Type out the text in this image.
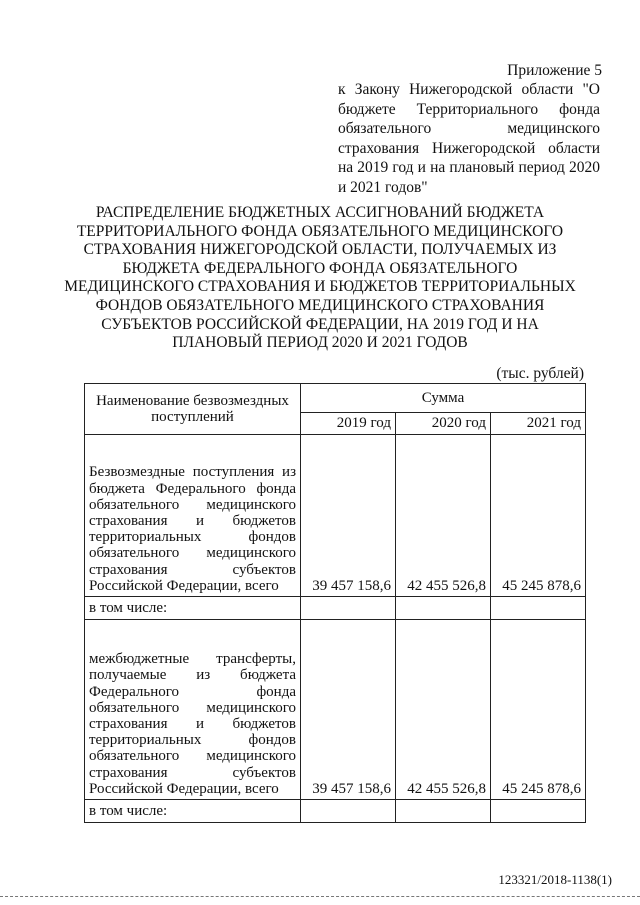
Приложение 5
к Закону Нижегородской области "О бюджете Территориального фонда обязательного медицинского страхования Нижегородской области на 2019 год и на плановый период 2020 и 2021 годов"
РАСПРЕДЕЛЕНИЕ БЮДЖЕТНЫХ АССИГНОВАНИЙ БЮДЖЕТА ТЕРРИТОРИАЛЬНОГО ФОНДА ОБЯЗАТЕЛЬНОГО МЕДИЦИНСКОГО СТРАХОВАНИЯ НИЖЕГОРОДСКОЙ ОБЛАСТИ, ПОЛУЧАЕМЫХ ИЗ БЮДЖЕТА ФЕДЕРАЛЬНОГО ФОНДА ОБЯЗАТЕЛЬНОГО МЕДИЦИНСКОГО СТРАХОВАНИЯ И БЮДЖЕТОВ ТЕРРИТОРИАЛЬНЫХ ФОНДОВ ОБЯЗАТЕЛЬНОГО МЕДИЦИНСКОГО СТРАХОВАНИЯ СУБЪЕКТОВ РОССИЙСКОЙ ФЕДЕРАЦИИ, НА 2019 ГОД И НА ПЛАНОВЫЙ ПЕРИОД 2020 И 2021 ГОДОВ
(тыс. рублей)
Наименование безвозмездных поступлений	Сумма		
	2019 год	2020 год	2021 год

Безвозмездные поступления из бюджета Федерального фонда обязательного медицинского страхования и бюджетов территориальных фондов обязательного медицинского страхования субъектов
Российской Федерации, всего	39 457 158,6	42 455 526,8	45 245 878,6
в том числе:			

межбюджетные трансферты, получаемые из бюджета Федерального фонда обязательного медицинского страхования и бюджетов территориальных фондов обязательного медицинского страхования субъектов
Российской Федерации, всего	39 457 158,6	42 455 526,8	45 245 878,6
в том числе:			
123321/2018-1138(1)
